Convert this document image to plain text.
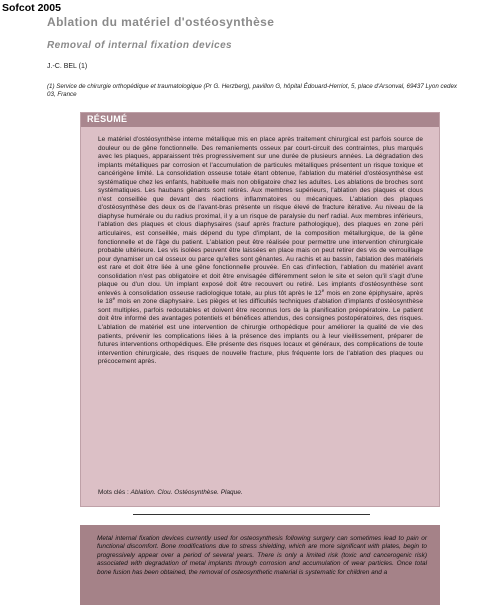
Sofcot 2005
Ablation du matériel d'ostéosynthèse
Removal of internal fixation devices
J.-C. BEL (1)
(1) Service de chirurgie orthopédique et traumatologique (Pr G. Herzberg), pavillon G, hôpital Édouard-Herriot, 5, place d'Arsonval, 69437 Lyon cedex 03, France
RÉSUMÉ
Le matériel d'ostéosynthèse interne métallique mis en place après traitement chirurgical est parfois source de douleur ou de gêne fonctionnelle. Des remaniements osseux par court-circuit des contraintes, plus marqués avec les plaques, apparaissent très progressivement sur une durée de plusieurs années. La dégradation des implants métalliques par corrosion et l'accumulation de particules métalliques présentent un risque toxique et cancérigène limité. La consolidation osseuse totale étant obtenue, l'ablation du matériel d'ostéosynthèse est systématique chez les enfants, habituelle mais non obligatoire chez les adultes. Les ablations de broches sont systématiques. Les haubans gênants sont retirés. Aux membres supérieurs, l'ablation des plaques et clous n'est conseillée que devant des réactions inflammatoires ou mécaniques. L'ablation des plaques d'ostéosynthèse des deux os de l'avant-bras présente un risque élevé de fracture itérative. Au niveau de la diaphyse humérale ou du radius proximal, il y a un risque de paralysie du nerf radial. Aux membres inférieurs, l'ablation des plaques et clous diaphysaires (sauf après fracture pathologique), des plaques en zone péri articulaires, est conseillée, mais dépend du type d'implant, de la composition métallurgique, de la gêne fonctionnelle et de l'âge du patient. L'ablation peut être réalisée pour permettre une intervention chirurgicale probable ultérieure. Les vis isolées peuvent être laissées en place mais on peut retirer des vis de verrouillage pour dynamiser un cal osseux ou parce qu'elles sont gênantes. Au rachis et au bassin, l'ablation des matériels est rare et doit être liée à une gêne fonctionnelle prouvée. En cas d'infection, l'ablation du matériel avant consolidation n'est pas obligatoire et doit être envisagée différemment selon le site et selon qu'il s'agit d'une plaque ou d'un clou. Un implant exposé doit être recouvert ou retiré. Les implants d'ostéosynthèse sont enlevés à consolidation osseuse radiologique totale, au plus tôt après le 12e mois en zone épiphysaire, après le 18e mois en zone diaphysaire. Les pièges et les difficultés techniques d'ablation d'implants d'ostéosynthèse sont multiples, parfois redoutables et doivent être reconnus lors de la planification préopératoire. Le patient doit être informé des avantages potentiels et bénéfices attendus, des consignes postopératoires, des risques. L'ablation de matériel est une intervention de chirurgie orthopédique pour améliorer la qualité de vie des patients, prévenir les complications liées à la présence des implants ou à leur vieillissement, préparer de futures interventions orthopédiques. Elle présente des risques locaux et généraux, des complications de toute intervention chirurgicale, des risques de nouvelle fracture, plus fréquente lors de l'ablation des plaques ou précocement après.
Mots clés : Ablation. Clou. Ostéosynthèse. Plaque.
Metal internal fixation devices currently used for osteosynthesis following surgery can sometimes lead to pain or functional discomfort. Bone modifications due to stress shielding, which are more significant with plates, begin to progressively appear over a period of several years. There is only a limited risk (toxic and cancerogenic risk) associated with degradation of metal implants through corrosion and accumulation of wear particles. Once total bone fusion has been obtained, the removal of osteosynthetic material is systematic for children and a
